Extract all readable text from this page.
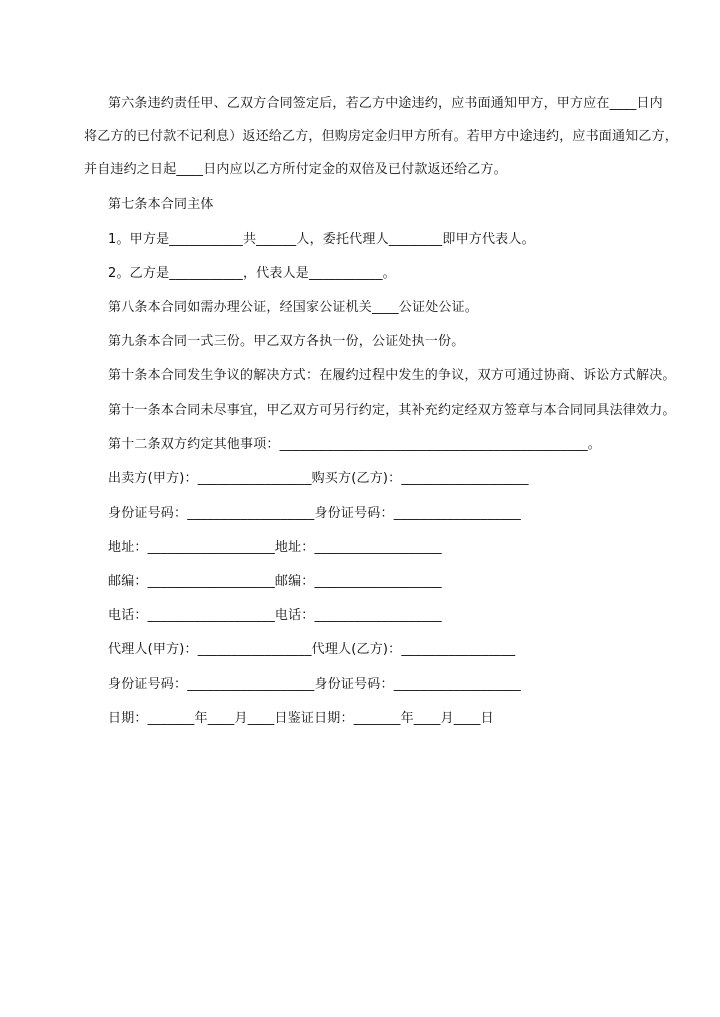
第六条违约责任甲、乙双方合同签定后，若乙方中途违约，应书面通知甲方，甲方应在____日内
将乙方的已付款不记利息）返还给乙方，但购房定金归甲方所有。若甲方中途违约，应书面通知乙方，
并自违约之日起____日内应以乙方所付定金的双倍及已付款返还给乙方。
第七条本合同主体
1。甲方是___________共______人，委托代理人________即甲方代表人。
2。乙方是___________，代表人是___________。
第八条本合同如需办理公证，经国家公证机关____公证处公证。
第九条本合同一式三份。甲乙双方各执一份，公证处执一份。
第十条本合同发生争议的解决方式：在履约过程中发生的争议，双方可通过协商、诉讼方式解决。
第十一条本合同未尽事宜，甲乙双方可另行约定，其补充约定经双方签章与本合同同具法律效力。
第十二条双方约定其他事项：______________________________________________。
出卖方(甲方)：_________________购买方(乙方)：___________________
身份证号码：___________________身份证号码：___________________
地址：___________________地址：___________________
邮编：___________________邮编：___________________
电话：___________________电话：___________________
代理人(甲方)：_________________代理人(乙方)：_________________
身份证号码：___________________身份证号码：___________________
日期：_______年____月____日鉴证日期：_______年____月____日
